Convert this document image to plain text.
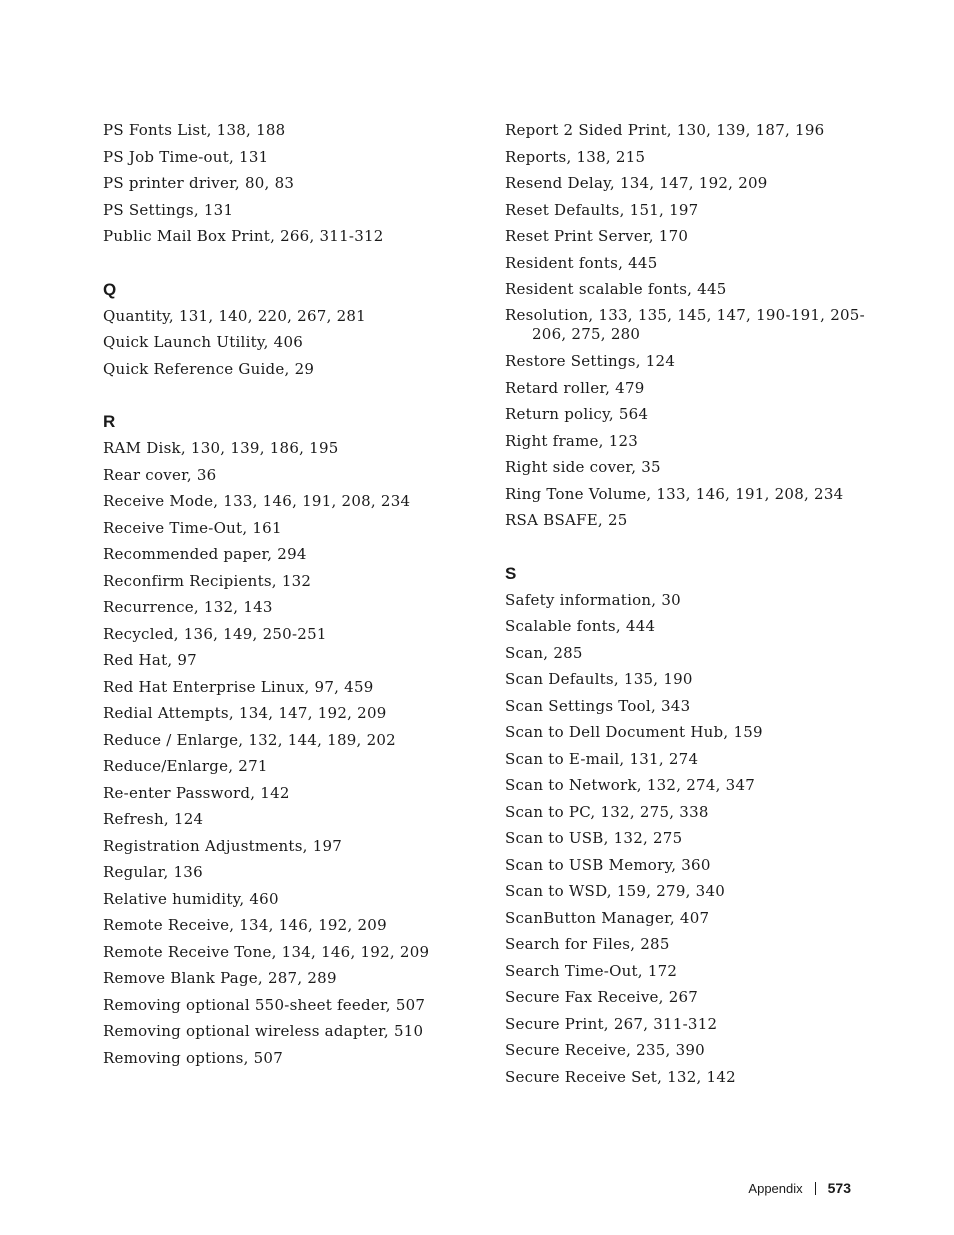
PS Fonts List, 138, 188

PS Job Time-out, 131

PS printer driver, 80, 83

PS Settings, 131

Public Mail Box Print, 266, 311-312

Q

Quantity, 131, 140, 220, 267, 281

Quick Launch Utility, 406

Quick Reference Guide, 29

R

RAM Disk, 130, 139, 186, 195

Rear cover, 36

Receive Mode, 133, 146, 191, 208, 234

Receive Time-Out, 161

Recommended paper, 294

Reconfirm Recipients, 132

Recurrence, 132, 143

Recycled, 136, 149, 250-251

Red Hat, 97

Red Hat Enterprise Linux, 97, 459

Redial Attempts, 134, 147, 192, 209

Reduce / Enlarge, 132, 144, 189, 202

Reduce/Enlarge, 271

Re-enter Password, 142

Refresh, 124

Registration Adjustments, 197

Regular, 136

Relative humidity, 460

Remote Receive, 134, 146, 192, 209

Remote Receive Tone, 134, 146, 192, 209

Remove Blank Page, 287, 289

Removing optional 550-sheet feeder, 507

Removing optional wireless adapter, 510

Removing options, 507

Report 2 Sided Print, 130, 139, 187, 196

Reports, 138, 215

Resend Delay, 134, 147, 192, 209

Reset Defaults, 151, 197

Reset Print Server, 170

Resident fonts, 445

Resident scalable fonts, 445

Resolution, 133, 135, 145, 147, 190-191, 205-206, 275, 280

Restore Settings, 124

Retard roller, 479

Return policy, 564

Right frame, 123

Right side cover, 35

Ring Tone Volume, 133, 146, 191, 208, 234

RSA BSAFE, 25

S

Safety information, 30

Scalable fonts, 444

Scan, 285

Scan Defaults, 135, 190

Scan Settings Tool, 343

Scan to Dell Document Hub, 159

Scan to E-mail, 131, 274

Scan to Network, 132, 274, 347

Scan to PC, 132, 275, 338

Scan to USB, 132, 275

Scan to USB Memory, 360

Scan to WSD, 159, 279, 340

ScanButton Manager, 407

Search for Files, 285

Search Time-Out, 172

Secure Fax Receive, 267

Secure Print, 267, 311-312

Secure Receive, 235, 390

Secure Receive Set, 132, 142

Appendix 573
